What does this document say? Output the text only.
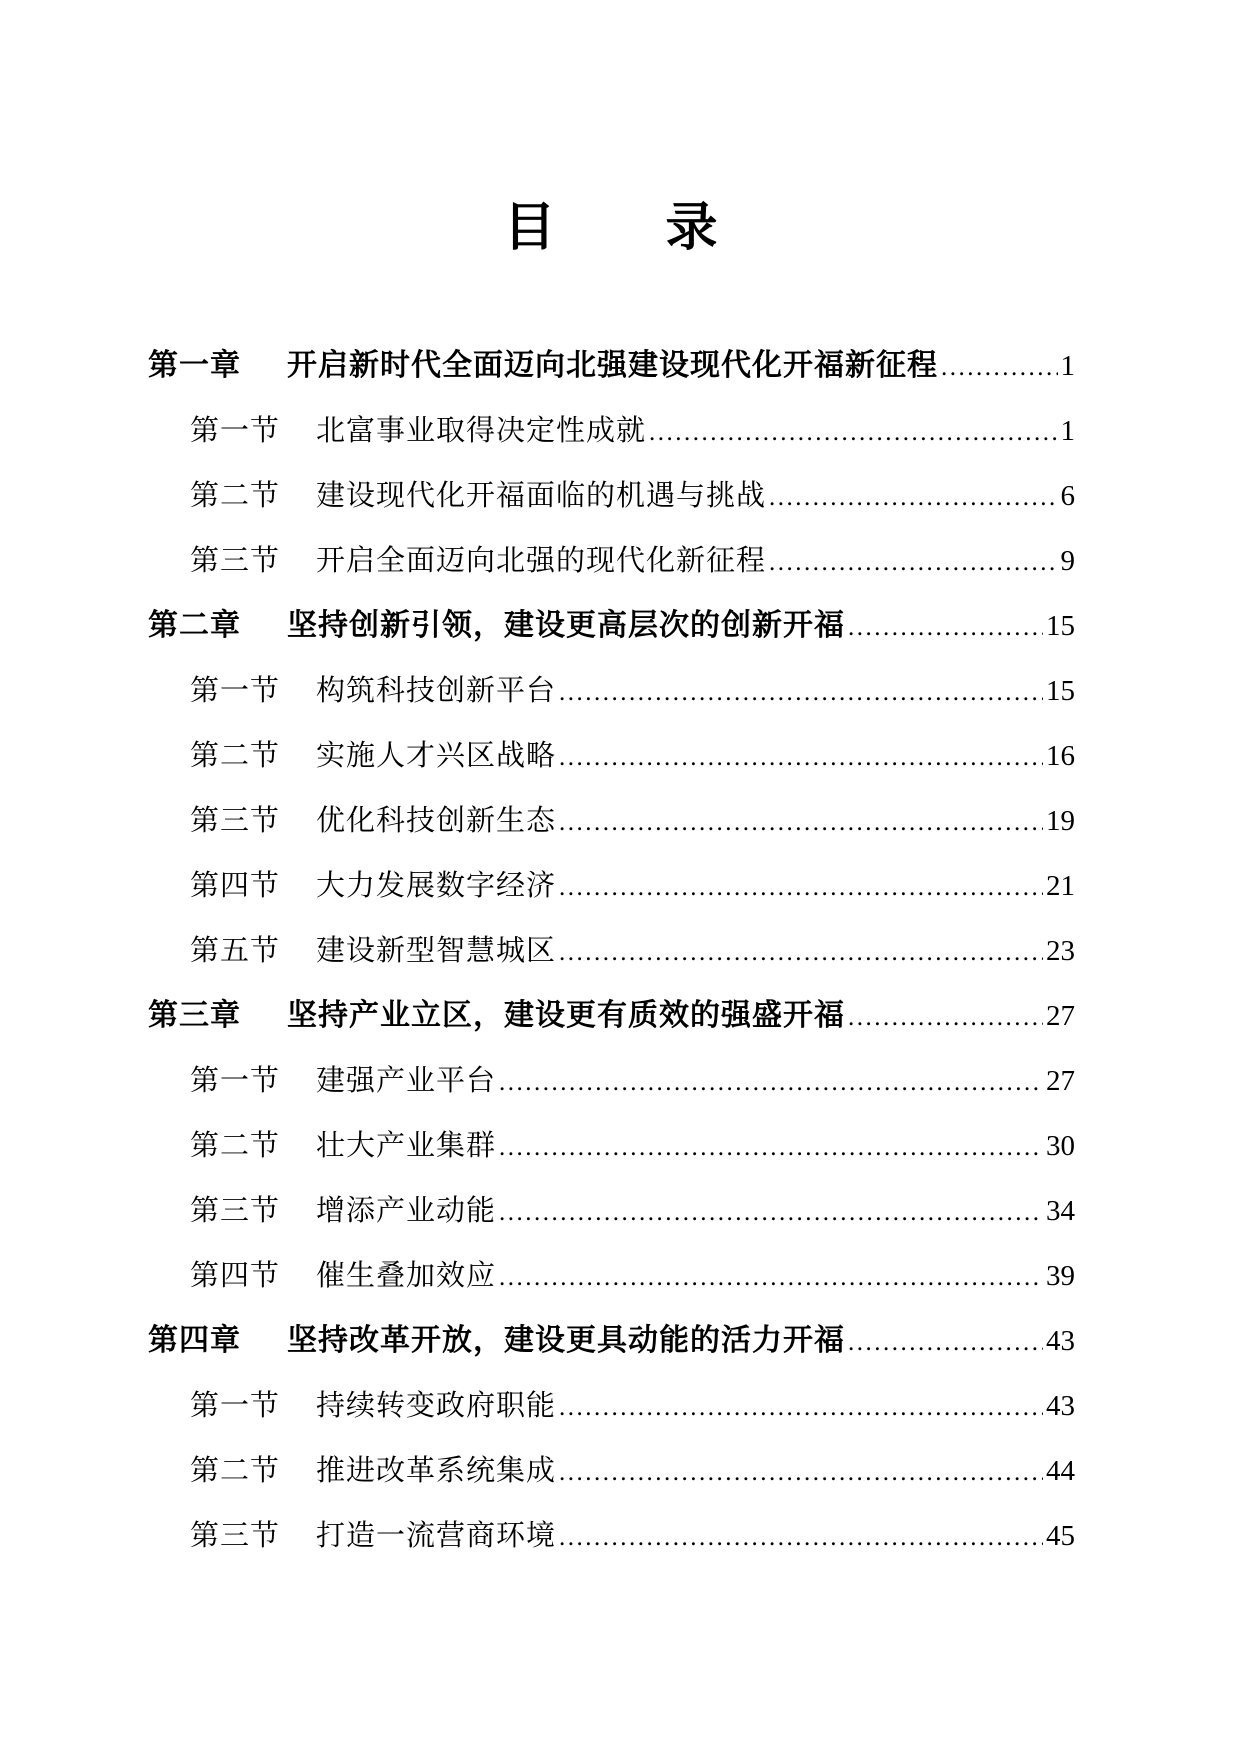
目　　录
第一章 开启新时代全面迈向北强建设现代化开福新征程 .....	1
第一节 北富事业取得决定性成就 .....	1
第二节 建设现代化开福面临的机遇与挑战 .....	6
第三节 开启全面迈向北强的现代化新征程 .....	9
第二章 坚持创新引领，建设更高层次的创新开福 .....	15
第一节 构筑科技创新平台 .....	15
第二节 实施人才兴区战略 .....	16
第三节 优化科技创新生态 .....	19
第四节 大力发展数字经济 .....	21
第五节 建设新型智慧城区 .....	23
第三章 坚持产业立区，建设更有质效的强盛开福 .....	27
第一节 建强产业平台 .....	27
第二节 壮大产业集群 .....	30
第三节 增添产业动能 .....	34
第四节 催生叠加效应 .....	39
第四章 坚持改革开放，建设更具动能的活力开福 .....	43
第一节 持续转变政府职能 .....	43
第二节 推进改革系统集成 .....	44
第三节 打造一流营商环境 .....	45
